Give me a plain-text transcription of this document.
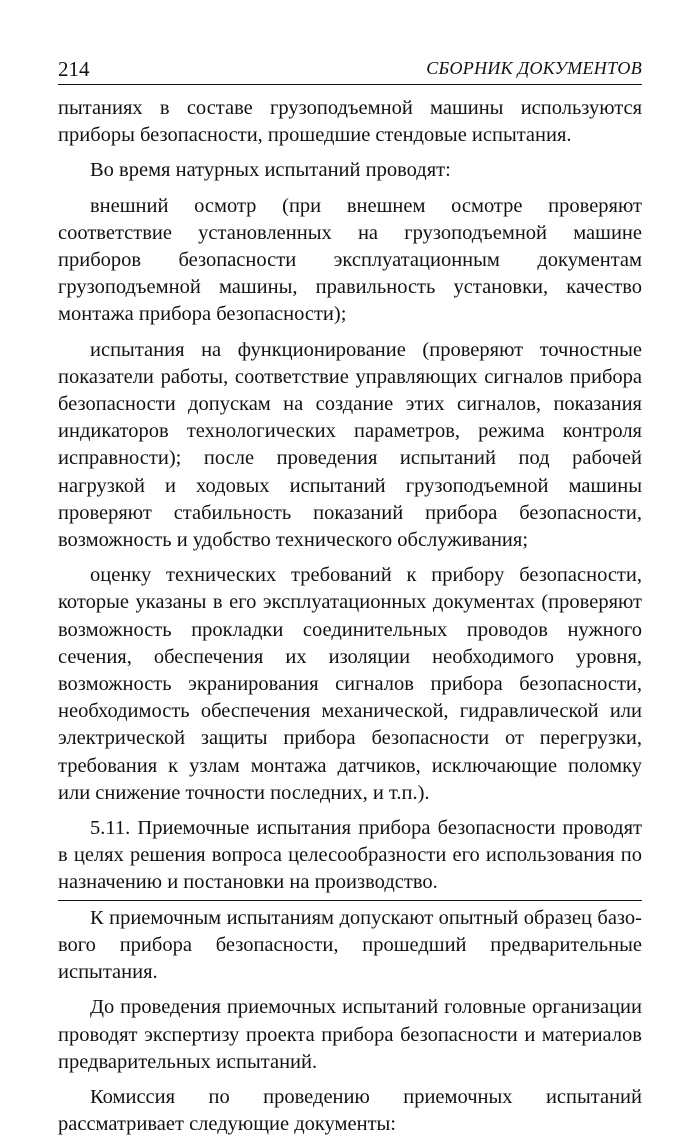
214	СБОРНИК ДОКУМЕНТОВ

пытаниях в составе грузоподъемной машины используются приборы безопасности, прошедшие стендовые испытания.

Во время натурных испытаний проводят:

внешний осмотр (при внешнем осмотре проверяют соответствие установленных на грузоподъемной машине приборов безопасности эксплуатационным документам грузоподъемной машины, правильность установки, качество монтажа прибора безопасности);

испытания на функционирование (проверяют точностные показатели работы, соответствие управляющих сигналов прибора безопасности допускам на создание этих сигналов, показания индикаторов технологических параметров, режима контроля исправности); после проведения испытаний под рабочей нагрузкой и ходовых испытаний грузоподъемной машины проверяют стабильность показаний прибора безопасности, возможность и удобство технического обслуживания;

оценку технических требований к прибору безопасности, которые указаны в его эксплуатационных документах (проверяют возможность прокладки соединительных проводов нужного сечения, обеспечения их изоляции необходимого уровня, возможность экранирования сигналов прибора безопасности, необходимость обеспечения механической, гидравлической или электрической защиты прибора безопасности от перегрузки, требования к узлам монтажа датчиков, исключающие поломку или снижение точности последних, и т.п.).

5.11. Приемочные испытания прибора безопасности проводят в целях решения вопроса целесообразности его использования по назначению и постановки на производство.

К приемочным испытаниям допускают опытный образец базового прибора безопасности, прошедший предварительные испытания.

До проведения приемочных испытаний головные организации проводят экспертизу проекта прибора безопасности и материалов предварительных испытаний.

Комиссия по проведению приемочных испытаний рассматривает следующие документы:
